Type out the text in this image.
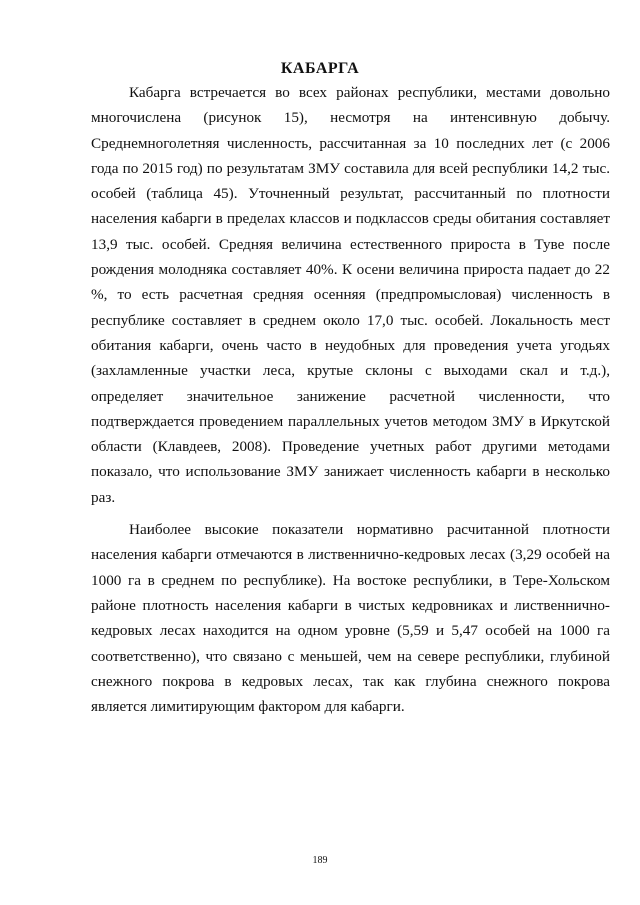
КАБАРГА

Кабарга встречается во всех районах республики, местами довольно многочислена (рисунок 15), несмотря на интенсивную добычу. Среднемноголетняя численность, рассчитанная за 10 последних лет (с 2006 года по 2015 год) по результатам ЗМУ составила для всей республики 14,2 тыс. особей (таблица 45). Уточненный результат, рассчитанный по плотности населения кабарги в пределах классов и подклассов среды обитания составляет 13,9 тыс. особей. Средняя величина естественного прироста в Туве после рождения молодняка составляет 40%. К осени величина прироста падает до 22 %, то есть расчетная средняя осенняя (предпромысловая) численность в республике составляет в среднем около 17,0 тыс. особей. Локальность мест обитания кабарги, очень часто в неудобных для проведения учета угодьях (захламленные участки леса, крутые склоны с выходами скал и т.д.), определяет значительное занижение расчетной численности, что подтверждается проведением параллельных учетов методом ЗМУ в Иркутской области (Клавдеев, 2008). Проведение учетных работ другими методами показало, что использование ЗМУ занижает численность кабарги в несколько раз.

Наиболее высокие показатели нормативно расчитанной плотности населения кабарги отмечаются в лиственнично-кедровых лесах (3,29 особей на 1000 га в среднем по республике). На востоке республики, в Тере-Хольском районе плотность населения кабарги в чистых кедровниках и лиственнично-кедровых лесах находится на одном уровне (5,59 и 5,47 особей на 1000 га соответственно), что связано с меньшей, чем на севере республики, глубиной снежного покрова в кедровых лесах, так как глубина снежного покрова является лимитирующим фактором для кабарги.

189
